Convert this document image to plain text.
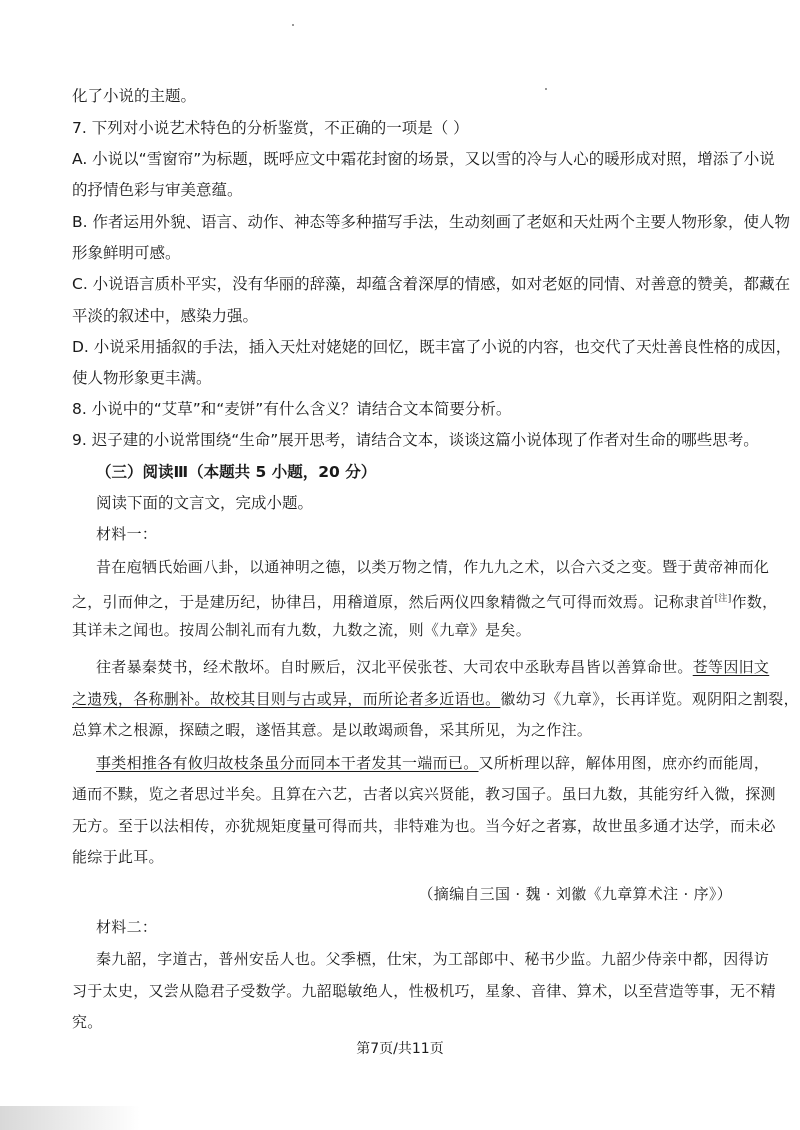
化了小说的主题。
7. 下列对小说艺术特色的分析鉴赏，不正确的一项是（ ）
A. 小说以“雪窗帘”为标题，既呼应文中霜花封窗的场景，又以雪的冷与人心的暖形成对照，增添了小说
的抒情色彩与审美意蕴。
B. 作者运用外貌、语言、动作、神态等多种描写手法，生动刻画了老妪和天灶两个主要人物形象，使人物
形象鲜明可感。
C. 小说语言质朴平实，没有华丽的辞藻，却蕴含着深厚的情感，如对老妪的同情、对善意的赞美，都藏在
平淡的叙述中，感染力强。
D. 小说采用插叙的手法，插入天灶对姥姥的回忆，既丰富了小说的内容，也交代了天灶善良性格的成因，
使人物形象更丰满。
8. 小说中的“艾草”和“麦饼”有什么含义？请结合文本简要分析。
9. 迟子建的小说常围绕“生命”展开思考，请结合文本，谈谈这篇小说体现了作者对生命的哪些思考。
（三）阅读Ⅲ（本题共 5 小题，20 分）
阅读下面的文言文，完成小题。
材料一：
昔在庖牺氏始画八卦，以通神明之德，以类万物之情，作九九之术，以合六爻之变。暨于黄帝神而化
之，引而伸之，于是建历纪，协律吕，用稽道原，然后两仪四象精微之气可得而效焉。记称隶首[注]作数，
其详未之闻也。按周公制礼而有九数，九数之流，则《九章》是矣。
往者暴秦焚书，经术散坏。自时厥后，汉北平侯张苍、大司农中丞耿寿昌皆以善算命世。苍等因旧文
之遗残，各称删补。故校其目则与古或异，而所论者多近语也。徽幼习《九章》，长再详览。观阴阳之割裂，
总算术之根源，探赜之暇，遂悟其意。是以敢竭顽鲁，采其所见，为之作注。
事类相推各有攸归故枝条虽分而同本干者发其一端而已。又所析理以辞，解体用图，庶亦约而能周，
通而不黩，览之者思过半矣。且算在六艺，古者以宾兴贤能，教习国子。虽曰九数，其能穷纤入微，探测
无方。至于以法相传，亦犹规矩度量可得而共，非特难为也。当今好之者寡，故世虽多通才达学，而未必
能综于此耳。
（摘编自三国 · 魏 · 刘徽《九章算术注 · 序》）
材料二：
秦九韶，字道古，普州安岳人也。父季槱，仕宋，为工部郎中、秘书少监。九韶少侍亲中都，因得访
习于太史，又尝从隐君子受数学。九韶聪敏绝人，性极机巧，星象、音律、算术，以至营造等事，无不精
究。
第7页/共11页
